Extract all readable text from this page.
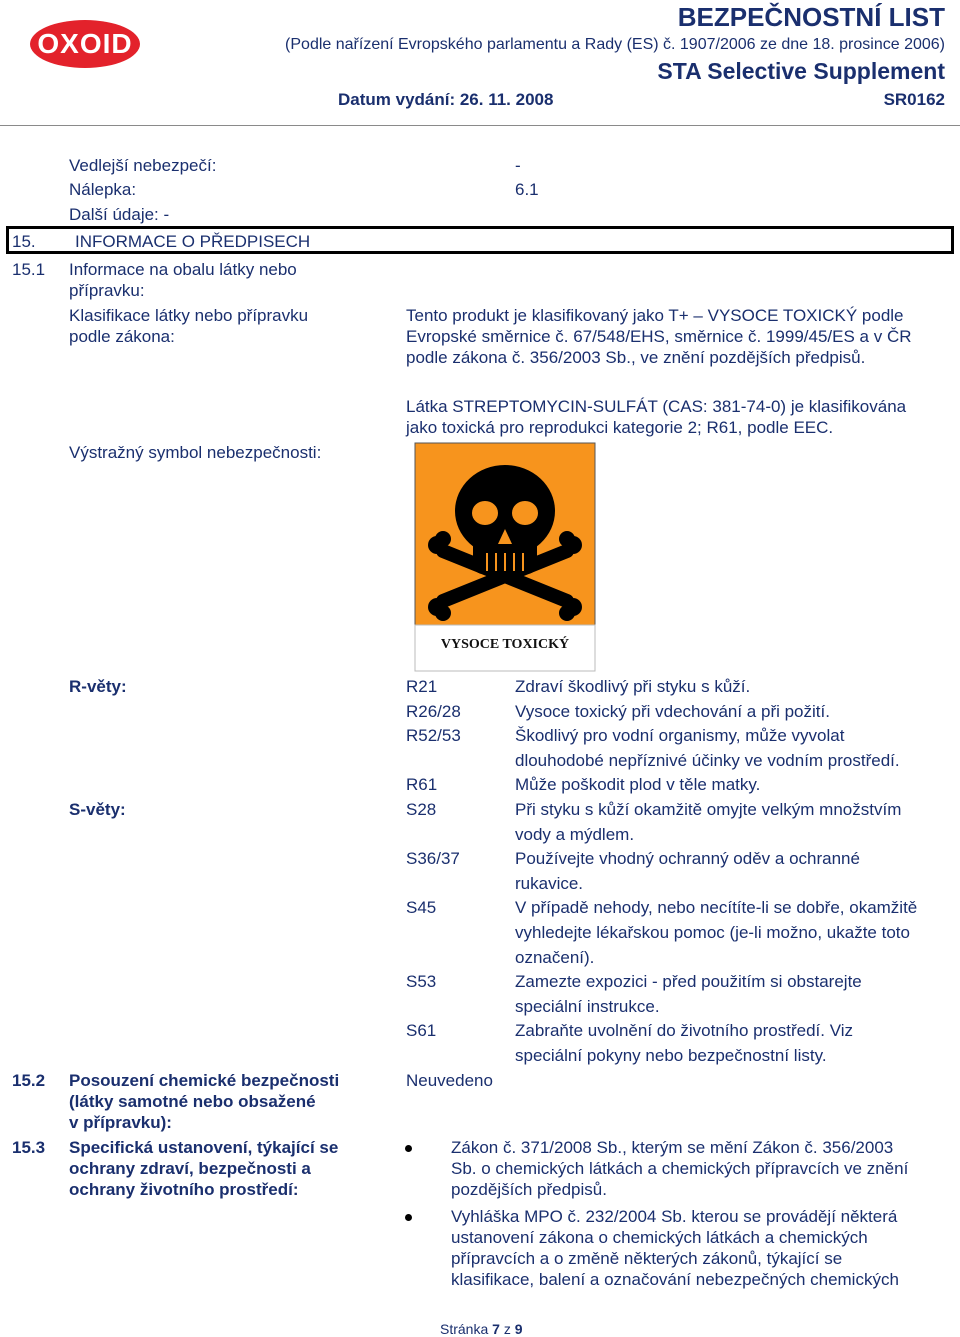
OXOID
BEZPEČNOSTNÍ LIST
(Podle nařízení Evropského parlamentu a Rady (ES) č. 1907/2006 ze dne 18. prosince 2006)
STA Selective Supplement
Datum vydání: 26. 11. 2008	SR0162
Vedlejší nebezpečí:	-
Nálepka:	6.1
Další údaje: -
15. INFORMACE O PŘEDPISECH
15.1 Informace na obalu látky nebo
přípravku:
Klasifikace látky nebo přípravku
podle zákona:
Tento produkt je klasifikovaný jako T+ – VYSOCE TOXICKÝ podle
Evropské směrnice č. 67/548/EHS, směrnice č. 1999/45/ES a v ČR
podle zákona č. 356/2003 Sb., ve znění pozdějších předpisů.
Látka STREPTOMYCIN-SULFÁT (CAS: 381-74-0) je klasifikována
jako toxická pro reprodukci kategorie 2; R61, podle EEC.
Výstražný symbol nebezpečnosti:
VYSOCE TOXICKÝ
R-věty:	R21	Zdraví škodlivý při styku s kůží.
R26/28	Vysoce toxický při vdechování a při požití.
R52/53	Škodlivý pro vodní organismy, může vyvolat
dlouhodobé nepříznivé účinky ve vodním prostředí.
R61	Může poškodit plod v těle matky.
S-věty:	S28	Při styku s kůží okamžitě omyjte velkým množstvím
vody a mýdlem.
S36/37	Používejte vhodný ochranný oděv a ochranné
rukavice.
S45	V případě nehody, nebo necítíte-li se dobře, okamžitě
vyhledejte lékařskou pomoc (je-li možno, ukažte toto
označení).
S53	Zamezte expozici - před použitím si obstarejte
speciální instrukce.
S61	Zabraňte uvolnění do životního prostředí. Viz
speciální pokyny nebo bezpečnostní listy.
15.2 Posouzení chemické bezpečnosti
(látky samotné nebo obsažené
v přípravku):
Neuvedeno
15.3 Specifická ustanovení, týkající se
ochrany zdraví, bezpečnosti a
ochrany životního prostředí:
Zákon č. 371/2008 Sb., kterým se mění Zákon č. 356/2003
Sb. o chemických látkách a chemických přípravcích ve znění
pozdějších předpisů.
Vyhláška MPO č. 232/2004 Sb. kterou se provádějí některá
ustanovení zákona o chemických látkách a chemických
přípravcích a o změně některých zákonů, týkající se
klasifikace, balení a označování nebezpečných chemických
Stránka 7 z 9
